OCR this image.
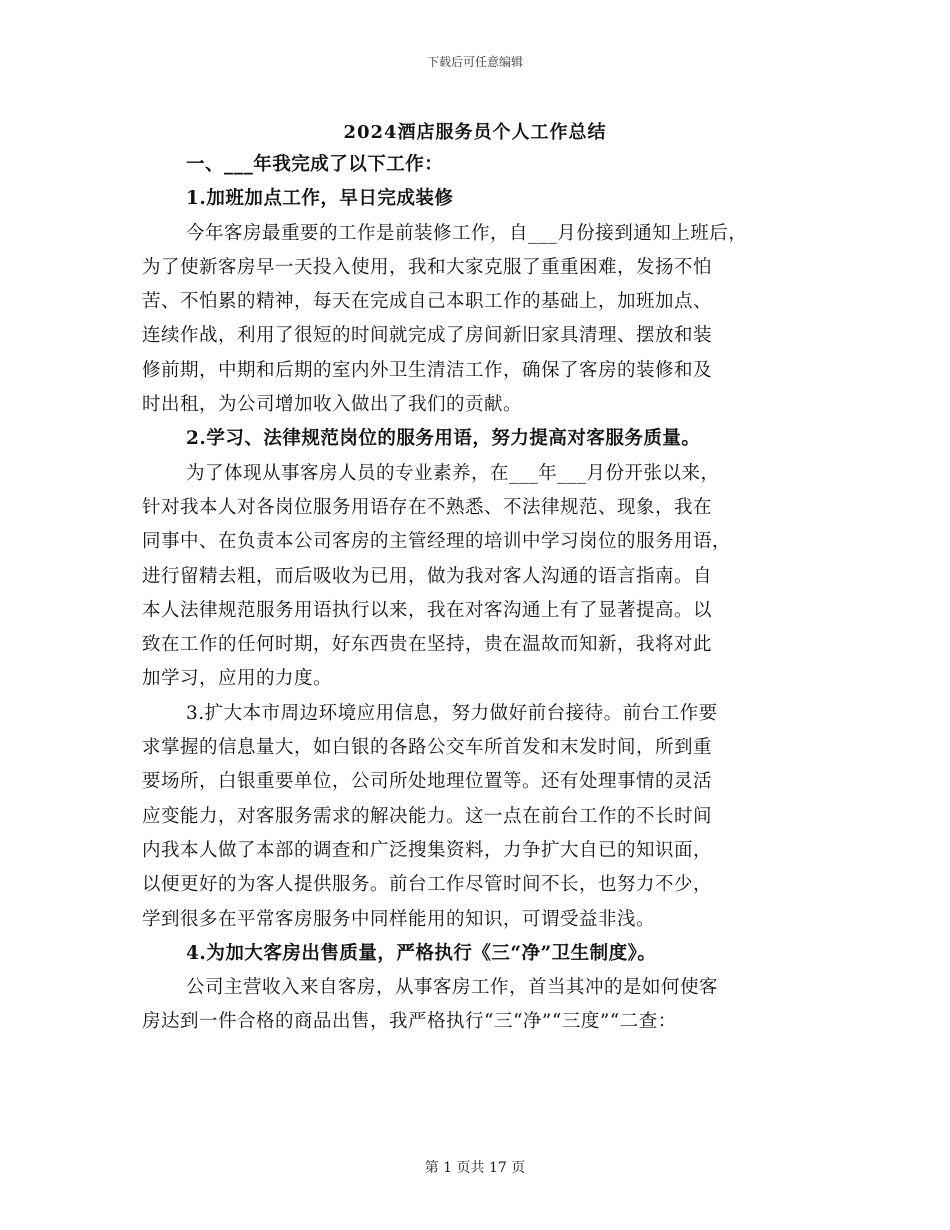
下载后可任意编辑
2024酒店服务员个人工作总结
一、___年我完成了以下工作：
1.加班加点工作，早日完成装修
今年客房最重要的工作是前装修工作，自___月份接到通知上班后，
为了使新客房早一天投入使用，我和大家克服了重重困难，发扬不怕
苦、不怕累的精神，每天在完成自己本职工作的基础上，加班加点、
连续作战，利用了很短的时间就完成了房间新旧家具清理、摆放和装
修前期，中期和后期的室内外卫生清洁工作，确保了客房的装修和及
时出租，为公司增加收入做出了我们的贡献。
2.学习、法律规范岗位的服务用语，努力提高对客服务质量。
为了体现从事客房人员的专业素养，在___年___月份开张以来，
针对我本人对各岗位服务用语存在不熟悉、不法律规范、现象，我在
同事中、在负责本公司客房的主管经理的培训中学习岗位的服务用语，
进行留精去粗，而后吸收为已用，做为我对客人沟通的语言指南。自
本人法律规范服务用语执行以来，我在对客沟通上有了显著提高。以
致在工作的任何时期，好东西贵在坚持，贵在温故而知新，我将对此
加学习，应用的力度。
3.扩大本市周边环境应用信息，努力做好前台接待。前台工作要
求掌握的信息量大，如白银的各路公交车所首发和末发时间，所到重
要场所，白银重要单位，公司所处地理位置等。还有处理事情的灵活
应变能力，对客服务需求的解决能力。这一点在前台工作的不长时间
内我本人做了本部的调查和广泛搜集资料，力争扩大自已的知识面，
以便更好的为客人提供服务。前台工作尽管时间不长，也努力不少，
学到很多在平常客房服务中同样能用的知识，可谓受益非浅。
4.为加大客房出售质量，严格执行《三“净”卫生制度》。
公司主营收入来自客房，从事客房工作，首当其冲的是如何使客
房达到一件合格的商品出售，我严格执行“三“净”“三度”“二查：
第 1 页共 17 页
